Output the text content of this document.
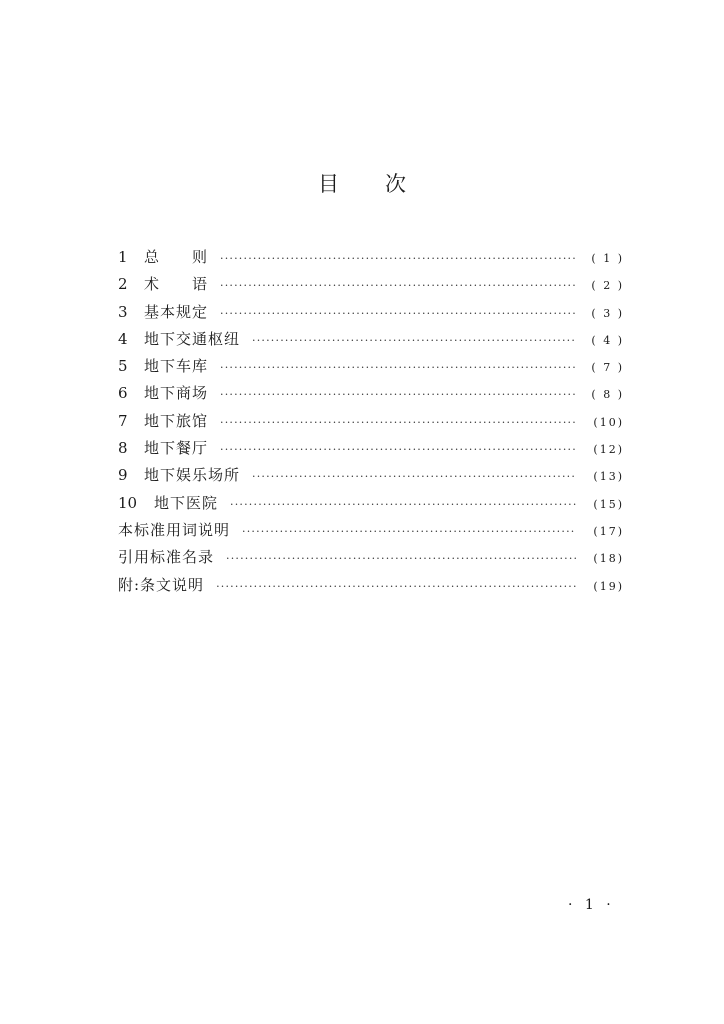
目 次
1	总　　则 ·····	( 1 )
2	术　　语 ·····	( 2 )
3	基本规定 ·····	( 3 )
4	地下交通枢纽 ·····	( 4 )
5	地下车库 ·····	( 7 )
6	地下商场 ·····	( 8 )
7	地下旅馆 ·····	(10)
8	地下餐厅 ·····	(12)
9	地下娱乐场所 ·····	(13)
10	地下医院 ·····	(15)
本标准用词说明 ·····	(17)
引用标准名录 ·····	(18)
附:条文说明 ·····	(19)
· 1 ·
